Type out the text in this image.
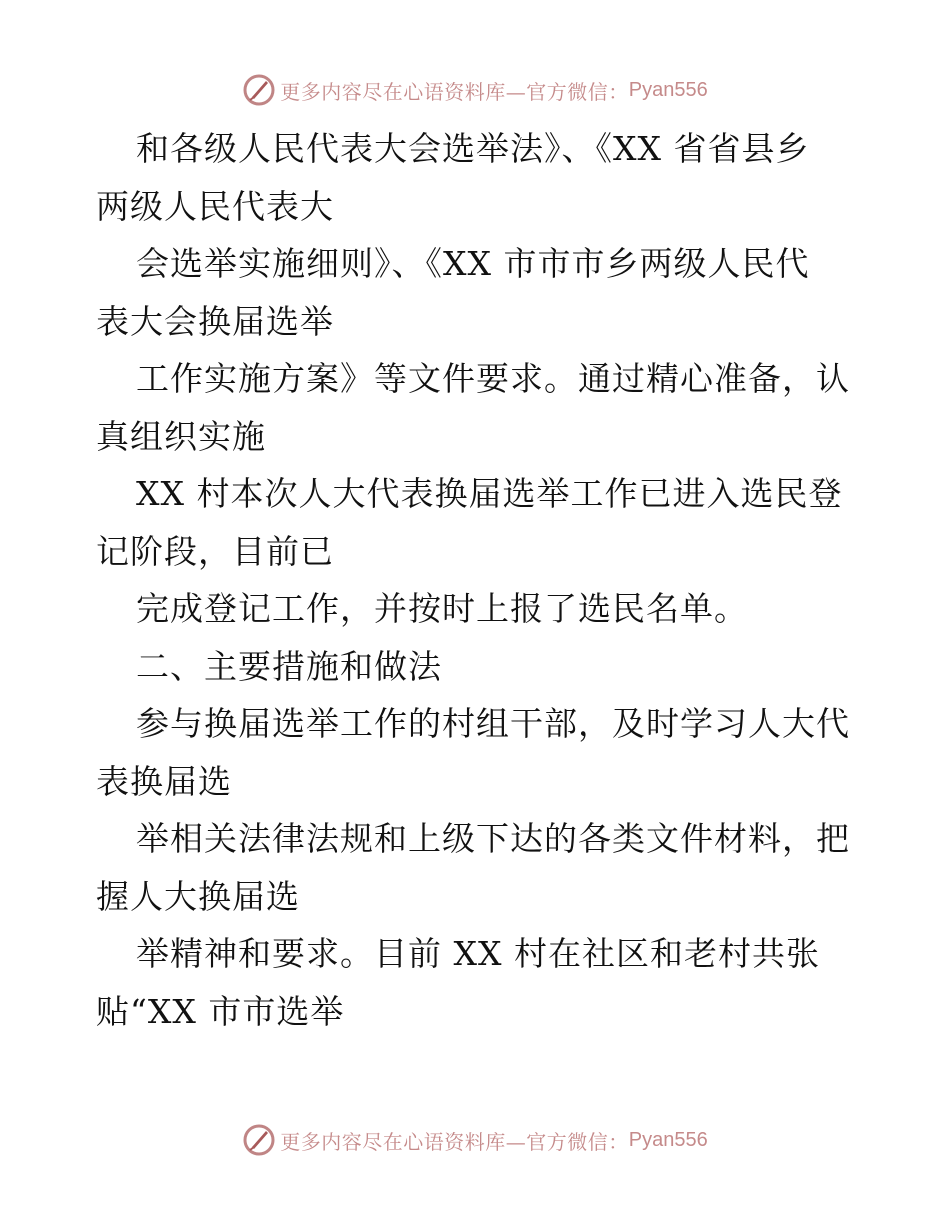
更多内容尽在心语资料库—官方微信： Pyan556
和各级人民代表大会选举法》、《XX 省省县乡
两级人民代表大
会选举实施细则》、《XX 市市市乡两级人民代
表大会换届选举
工作实施方案》等文件要求。通过精心准备，认
真组织实施
XX 村本次人大代表换届选举工作已进入选民登
记阶段，目前已
完成登记工作，并按时上报了选民名单。
二、主要措施和做法
参与换届选举工作的村组干部，及时学习人大代
表换届选
举相关法律法规和上级下达的各类文件材料，把
握人大换届选
举精神和要求。目前 XX 村在社区和老村共张
贴“XX 市市选举
更多内容尽在心语资料库—官方微信： Pyan556
